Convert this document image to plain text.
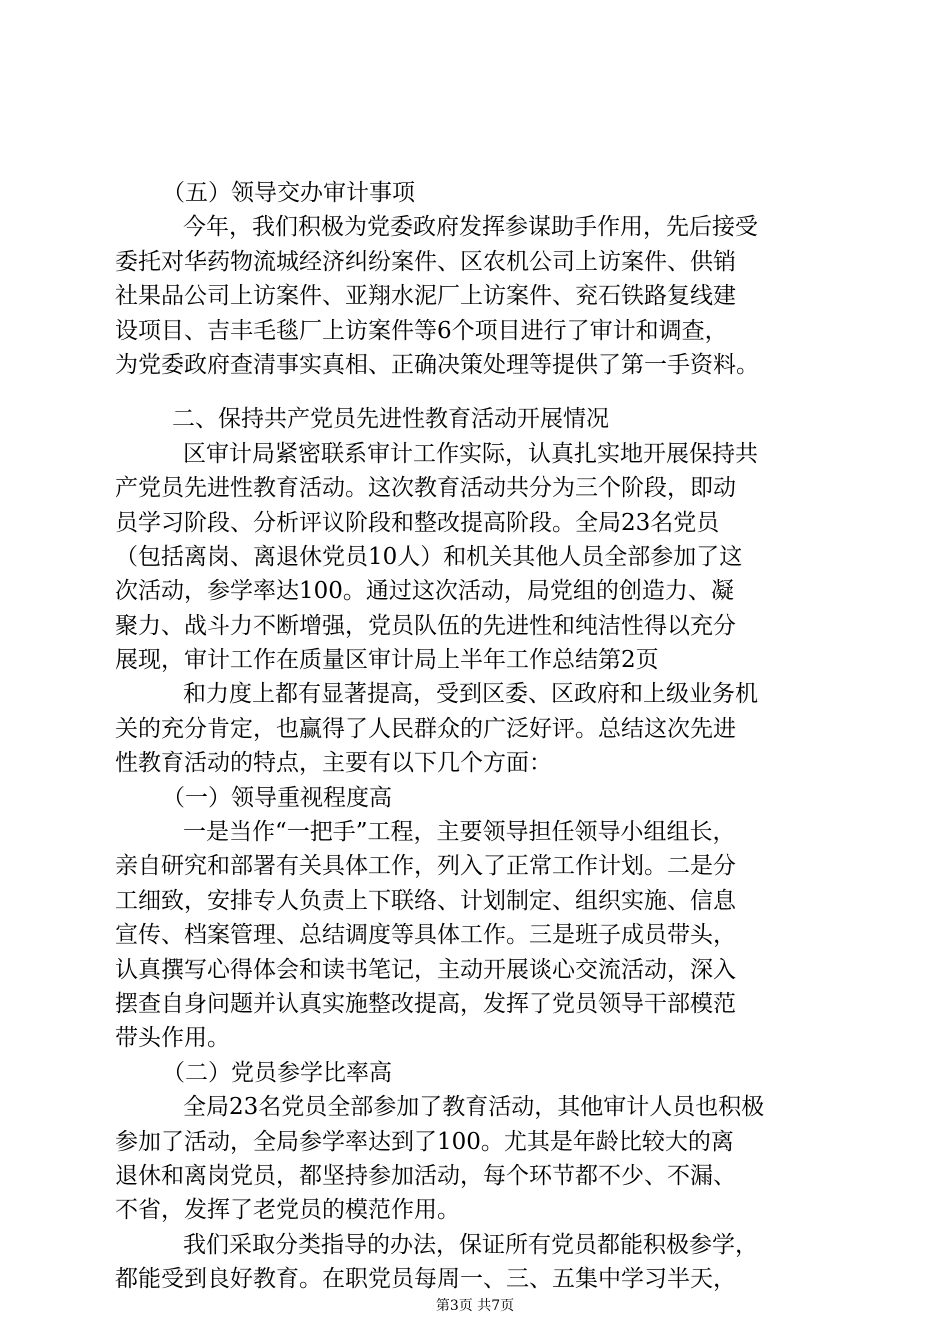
（五）领导交办审计事项
今年，我们积极为党委政府发挥参谋助手作用，先后接受
委托对华药物流城经济纠纷案件、区农机公司上访案件、供销
社果品公司上访案件、亚翔水泥厂上访案件、兖石铁路复线建
设项目、吉丰毛毯厂上访案件等6个项目进行了审计和调查，
为党委政府查清事实真相、正确决策处理等提供了第一手资料。
二、保持共产党员先进性教育活动开展情况
区审计局紧密联系审计工作实际，认真扎实地开展保持共
产党员先进性教育活动。这次教育活动共分为三个阶段，即动
员学习阶段、分析评议阶段和整改提高阶段。全局23名党员
（包括离岗、离退休党员10人）和机关其他人员全部参加了这
次活动，参学率达100。通过这次活动，局党组的创造力、凝
聚力、战斗力不断增强，党员队伍的先进性和纯洁性得以充分
展现，审计工作在质量区审计局上半年工作总结第2页
和力度上都有显著提高，受到区委、区政府和上级业务机
关的充分肯定，也赢得了人民群众的广泛好评。总结这次先进
性教育活动的特点，主要有以下几个方面：
（一）领导重视程度高
一是当作“一把手”工程，主要领导担任领导小组组长，
亲自研究和部署有关具体工作，列入了正常工作计划。二是分
工细致，安排专人负责上下联络、计划制定、组织实施、信息
宣传、档案管理、总结调度等具体工作。三是班子成员带头，
认真撰写心得体会和读书笔记，主动开展谈心交流活动，深入
摆查自身问题并认真实施整改提高，发挥了党员领导干部模范
带头作用。
（二）党员参学比率高
全局23名党员全部参加了教育活动，其他审计人员也积极
参加了活动，全局参学率达到了100。尤其是年龄比较大的离
退休和离岗党员，都坚持参加活动，每个环节都不少、不漏、
不省，发挥了老党员的模范作用。
我们采取分类指导的办法，保证所有党员都能积极参学，
都能受到良好教育。在职党员每周一、三、五集中学习半天，
第3页 共7页
